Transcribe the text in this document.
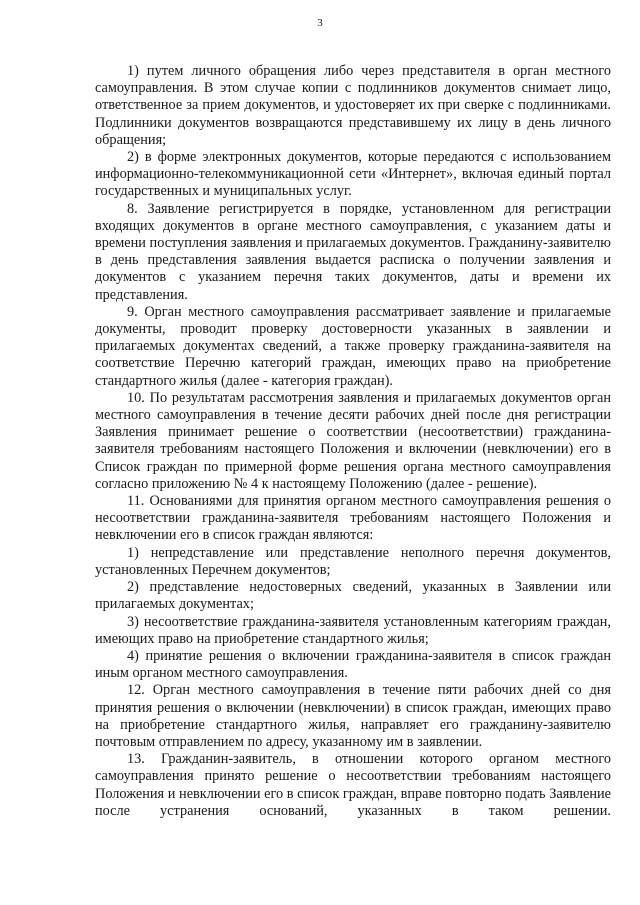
3

1) путем личного обращения либо через представителя в орган местного самоуправления. В этом случае копии с подлинников документов снимает лицо, ответственное за прием документов, и удостоверяет их при сверке с подлинниками. Подлинники документов возвращаются представившему их лицу в день личного обращения;

2) в форме электронных документов, которые передаются с использованием информационно-телекоммуникационной сети «Интернет», включая единый портал государственных и муниципальных услуг.

8. Заявление регистрируется в порядке, установленном для регистрации входящих документов в органе местного самоуправления, с указанием даты и времени поступления заявления и прилагаемых документов. Гражданину-заявителю в день представления заявления выдается расписка о получении заявления и документов с указанием перечня таких документов, даты и времени их представления.

9. Орган местного самоуправления рассматривает заявление и прилагаемые документы, проводит проверку достоверности указанных в заявлении и прилагаемых документах сведений, а также проверку гражданина-заявителя на соответствие Перечню категорий граждан, имеющих право на приобретение стандартного жилья (далее - категория граждан).

10. По результатам рассмотрения заявления и прилагаемых документов орган местного самоуправления в течение десяти рабочих дней после дня регистрации Заявления принимает решение о соответствии (несоответствии) гражданина-заявителя требованиям настоящего Положения и включении (невключении) его в Список граждан по примерной форме решения органа местного самоуправления согласно приложению № 4 к настоящему Положению (далее - решение).

11. Основаниями для принятия органом местного самоуправления решения о несоответствии гражданина-заявителя требованиям настоящего Положения и невключении его в список граждан являются:

1) непредставление или представление неполного перечня документов, установленных Перечнем документов;

2) представление недостоверных сведений, указанных в Заявлении или прилагаемых документах;

3) несоответствие гражданина-заявителя установленным категориям граждан, имеющих право на приобретение стандартного жилья;

4) принятие решения о включении гражданина-заявителя в список граждан иным органом местного самоуправления.

12. Орган местного самоуправления в течение пяти рабочих дней со дня принятия решения о включении (невключении) в список граждан, имеющих право на приобретение стандартного жилья, направляет его гражданину-заявителю почтовым отправлением по адресу, указанному им в заявлении.

13. Гражданин-заявитель, в отношении которого органом местного самоуправления принято решение о несоответствии требованиям настоящего Положения и невключении его в список граждан, вправе повторно подать Заявление после устранения оснований, указанных в таком решении.
